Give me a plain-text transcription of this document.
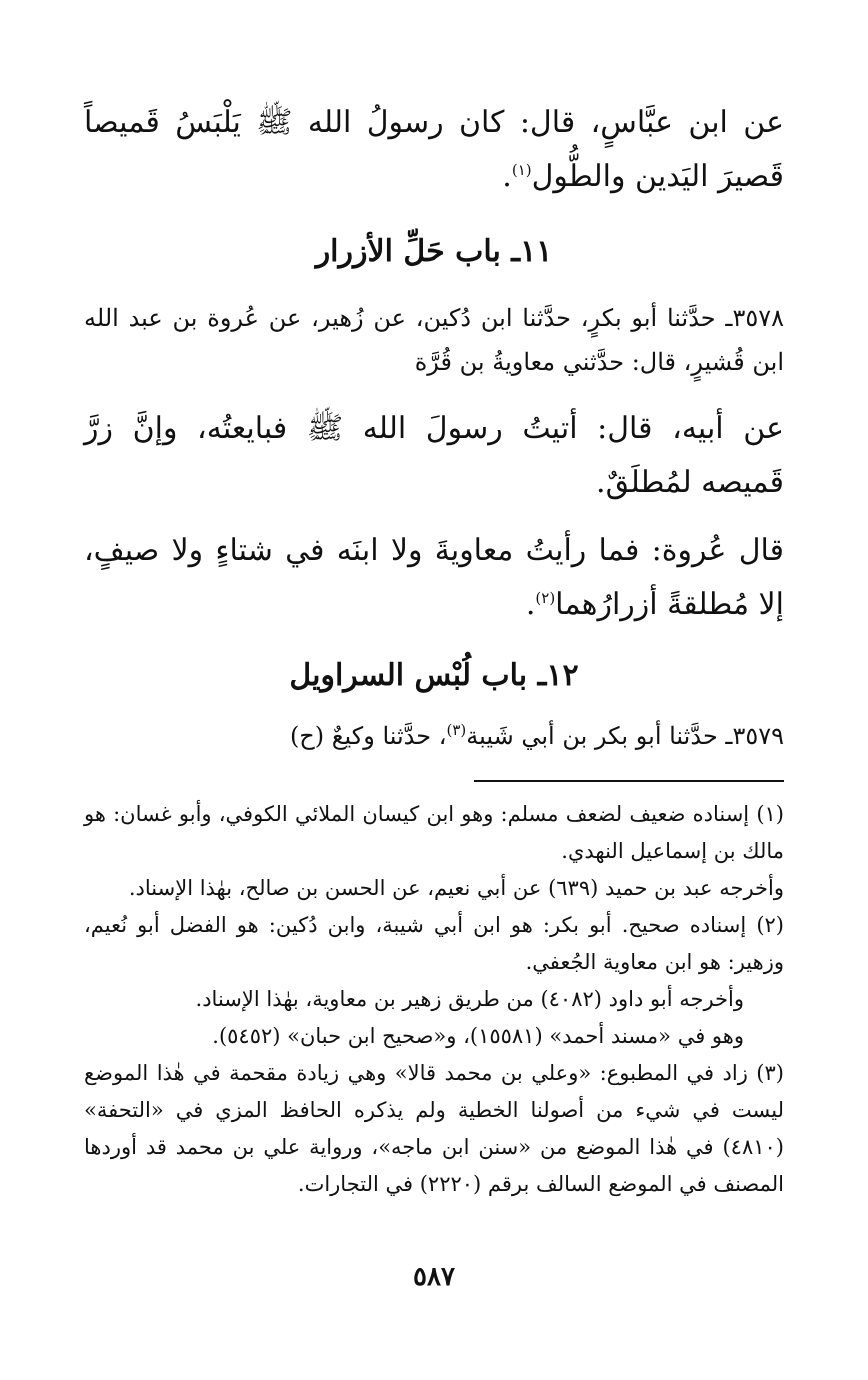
عن ابن عبَّاسٍ، قال: كان رسولُ الله ﷺ يَلْبَسُ قَميصاً قَصيرَ اليَدين والطُّول$^{(١)}$.

١١ـ باب حَلِّ الأزرار

٣٥٧٨ـ حدَّثنا أبو بكرٍ، حدَّثنا ابن دُكين، عن زُهير، عن عُروة بن عبد الله ابن قُشيرٍ، قال: حدَّثني معاويةُ بن قُرَّة

عن أبيه، قال: أتيتُ رسولَ الله ﷺ فبايعتُه، وإنَّ زرَّ قَميصه لمُطلَقٌ.

قال عُروة: فما رأيتُ معاويةَ ولا ابنَه في شتاءٍ ولا صيفٍ، إلا مُطلقةً أزرارُهما$^{(٢)}$.

١٢ـ باب لُبْس السراويل

٣٥٧٩ـ حدَّثنا أبو بكر بن أبي شَيبة$^{(٣)}$، حدَّثنا وكيعٌ (ح)

(١) إسناده ضعيف لضعف مسلم: وهو ابن كيسان الملائي الكوفي، وأبو غسان: هو مالك بن إسماعيل النهدي.

وأخرجه عبد بن حميد (٦٣٩) عن أبي نعيم، عن الحسن بن صالح، بهٰذا الإسناد.

(٢) إسناده صحيح. أبو بكر: هو ابن أبي شيبة، وابن دُكين: هو الفضل أبو نُعيم، وزهير: هو ابن معاوية الجُعفي.

وأخرجه أبو داود (٤٠٨٢) من طريق زهير بن معاوية، بهٰذا الإسناد.

وهو في «مسند أحمد» (١٥٥٨١)، و«صحيح ابن حبان» (٥٤٥٢).

(٣) زاد في المطبوع: «وعلي بن محمد قالا» وهي زيادة مقحمة في هٰذا الموضع ليست في شيء من أصولنا الخطية ولم يذكره الحافظ المزي في «التحفة» (٤٨١٠) في هٰذا الموضع من «سنن ابن ماجه»، ورواية علي بن محمد قد أوردها المصنف في الموضع السالف برقم (٢٢٢٠) في التجارات.

٥٨٧
